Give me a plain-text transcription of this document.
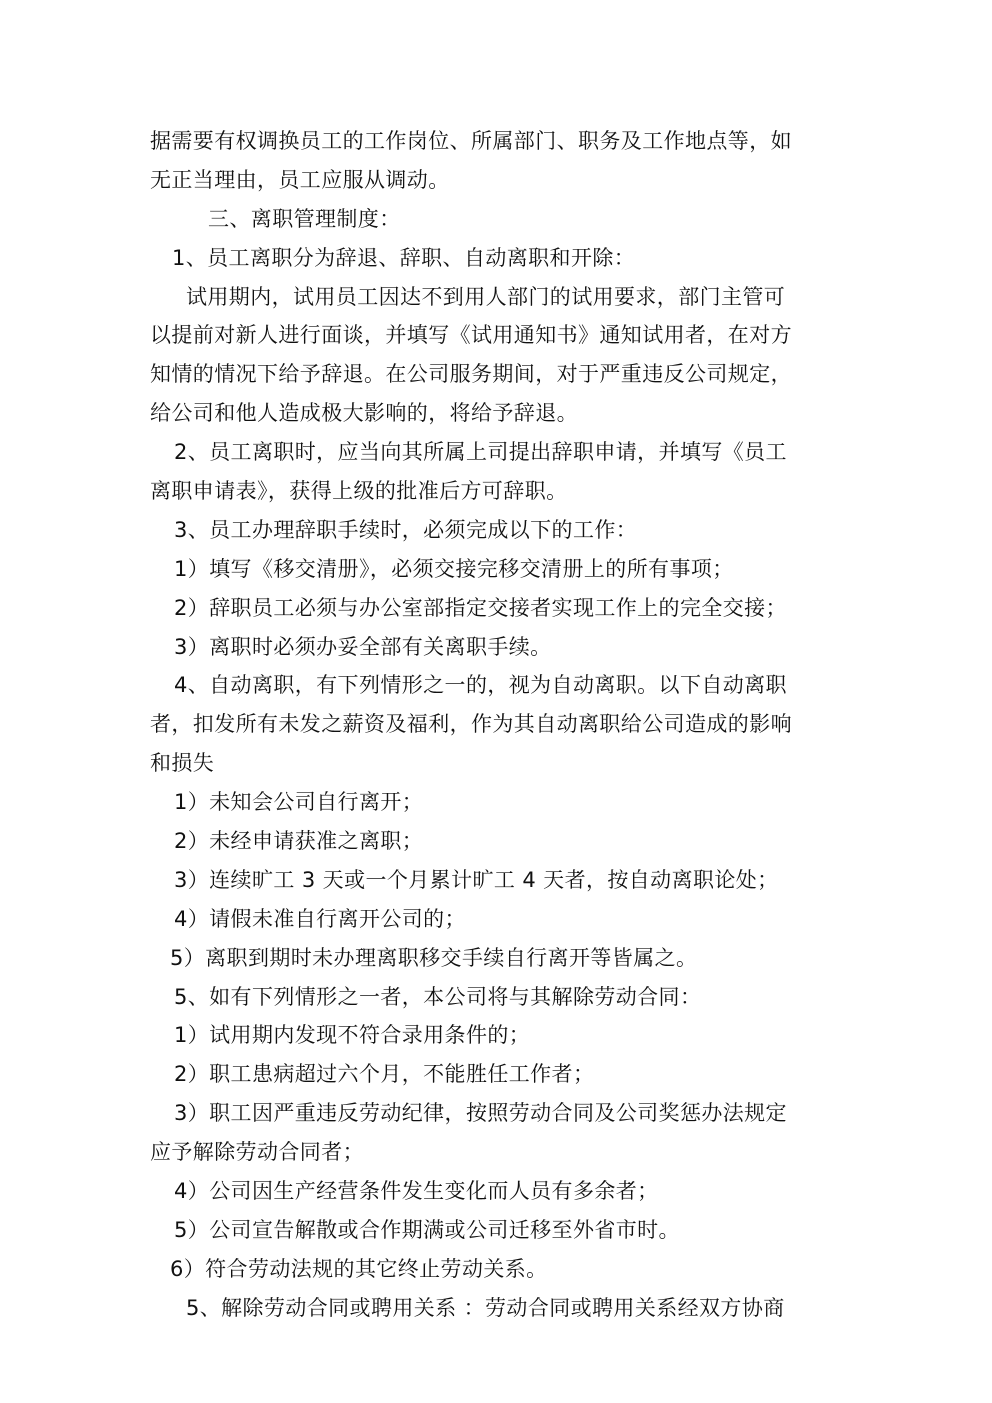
据需要有权调换员工的工作岗位、所属部门、职务及工作地点等，如
无正当理由，员工应服从调动。
三、离职管理制度：
1、员工离职分为辞退、辞职、自动离职和开除：
试用期内，试用员工因达不到用人部门的试用要求，部门主管可
以提前对新人进行面谈，并填写《试用通知书》通知试用者，在对方
知情的情况下给予辞退。在公司服务期间，对于严重违反公司规定，
给公司和他人造成极大影响的，将给予辞退。
2、员工离职时，应当向其所属上司提出辞职申请，并填写《员工
离职申请表》，获得上级的批准后方可辞职。
3、员工办理辞职手续时，必须完成以下的工作：
1）填写《移交清册》，必须交接完移交清册上的所有事项；
2）辞职员工必须与办公室部指定交接者实现工作上的完全交接；
3）离职时必须办妥全部有关离职手续。
4、自动离职，有下列情形之一的，视为自动离职。以下自动离职
者，扣发所有未发之薪资及福利，作为其自动离职给公司造成的影响
和损失
1）未知会公司自行离开；
2）未经申请获准之离职；
3）连续旷工 3 天或一个月累计旷工 4 天者，按自动离职论处；
4）请假未准自行离开公司的；
5）离职到期时未办理离职移交手续自行离开等皆属之。
5、如有下列情形之一者，本公司将与其解除劳动合同：
1）试用期内发现不符合录用条件的；
2）职工患病超过六个月，不能胜任工作者；
3）职工因严重违反劳动纪律，按照劳动合同及公司奖惩办法规定
应予解除劳动合同者；
4）公司因生产经营条件发生变化而人员有多余者；
5）公司宣告解散或合作期满或公司迁移至外省市时。
6）符合劳动法规的其它终止劳动关系。
5、解除劳动合同或聘用关系 ：劳动合同或聘用关系经双方协商
